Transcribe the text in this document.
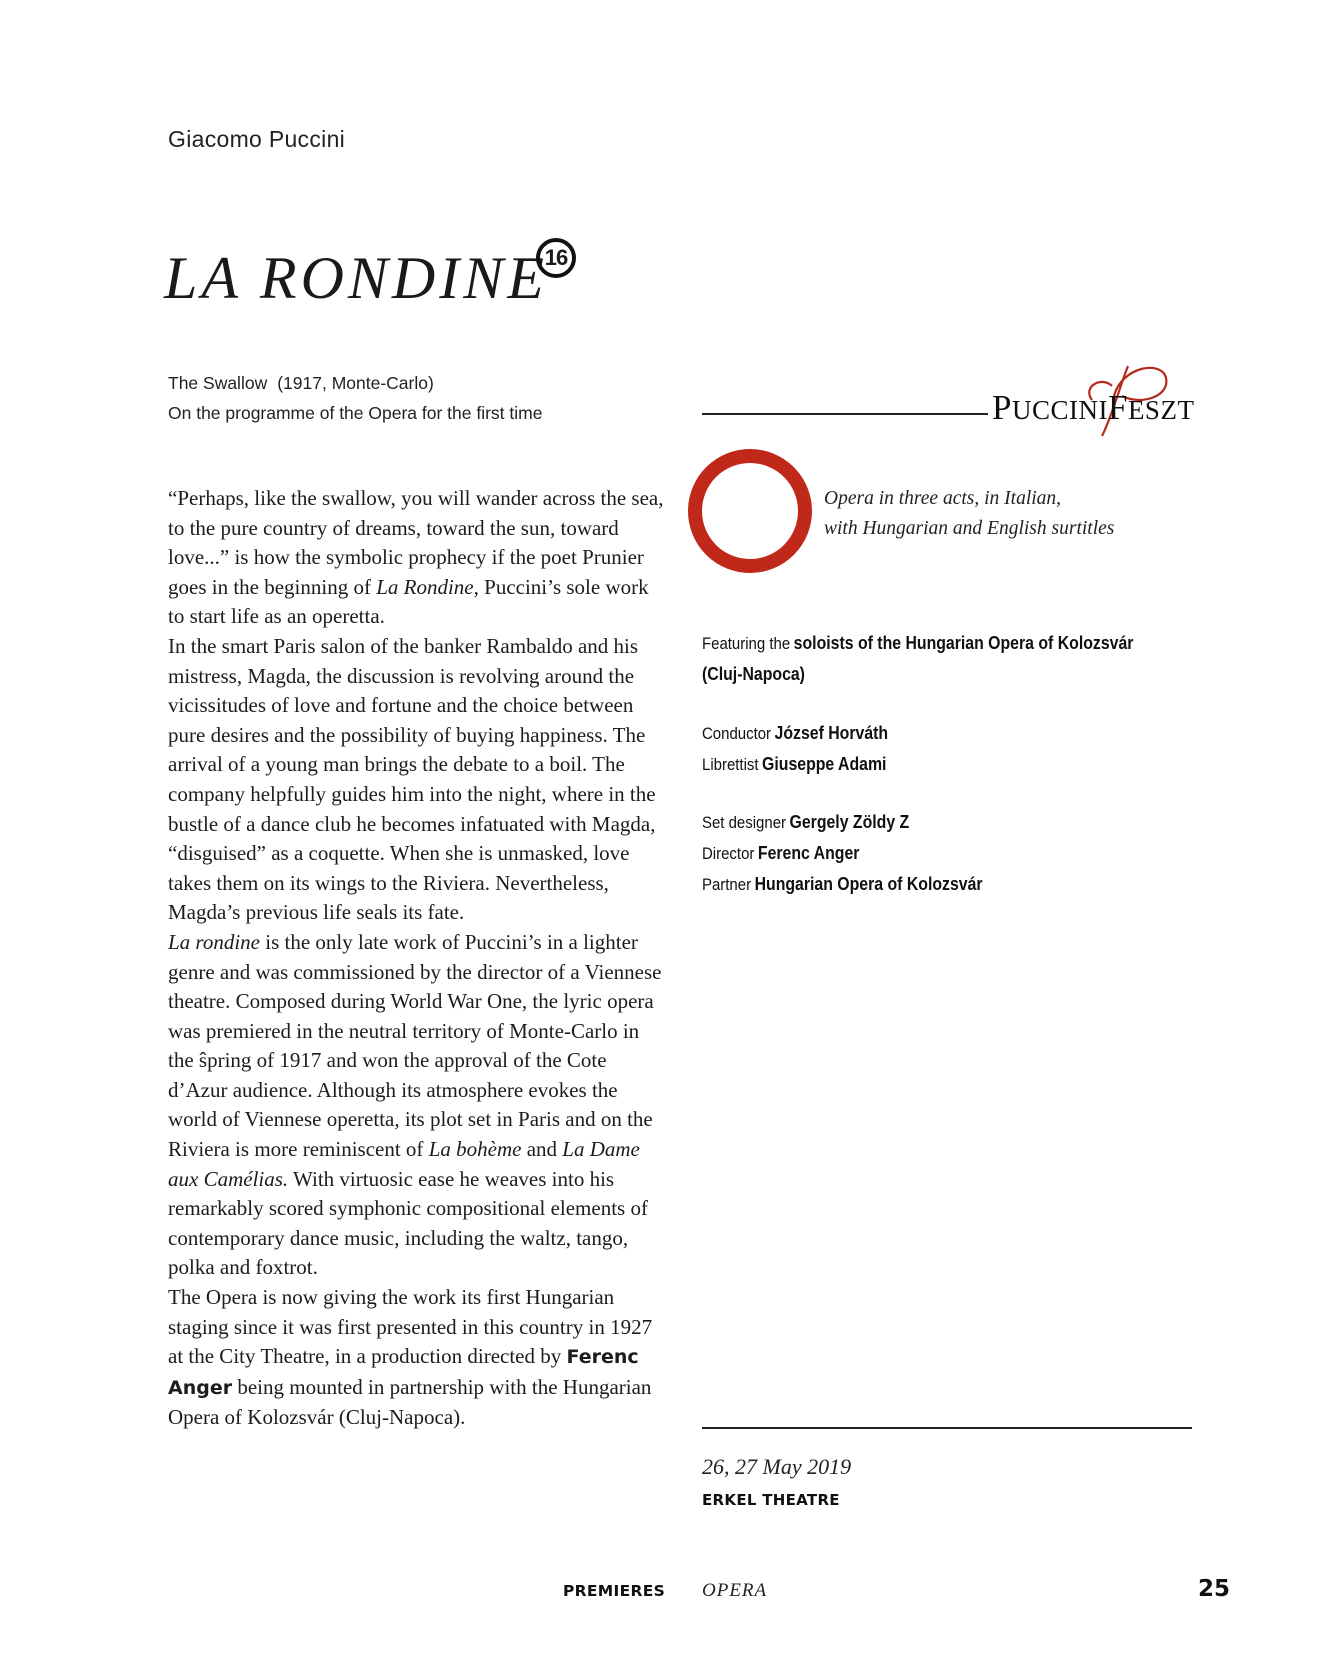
Giacomo Puccini
LA RONDINE
16
The Swallow (1917, Monte-Carlo)
On the programme of the Opera for the first time	PUCCINIFESZT

“Perhaps, like the swallow, you will wander across the sea, to the pure country of dreams, toward the sun, toward love...” is how the symbolic prophecy if the poet Prunier goes in the beginning of La Rondine, Puccini’s sole work to start life as an operetta.

In the smart Paris salon of the banker Rambaldo and his mistress, Magda, the discussion is revolving around the vicissitudes of love and fortune and the choice between pure desires and the possibility of buying happiness. The arrival of a young man brings the debate to a boil. The company helpfully guides him into the night, where in the bustle of a dance club he becomes infatuated with Magda, “disguised” as a coquette. When she is unmasked, love takes them on its wings to the Riviera. Nevertheless, Magda’s previous life seals its fate.

La rondine is the only late work of Puccini’s in a lighter genre and was commissioned by the director of a Viennese theatre. Composed during World War One, the lyric opera was premiered in the neutral territory of Monte-Carlo in the ŝpring of 1917 and won the approval of the Cote d’Azur audience. Although its atmosphere evokes the world of Viennese operetta, its plot set in Paris and on the Riviera is more reminiscent of La bohème and La Dame aux Camélias. With virtuosic ease he weaves into his remarkably scored symphonic compositional elements of contemporary dance music, including the waltz, tango, polka and foxtrot.

The Opera is now giving the work its first Hungarian staging since it was first presented in this country in 1927 at the City Theatre, in a production directed by Ferenc Anger being mounted in partnership with the Hungarian Opera of Kolozsvár (Cluj-Napoca).

Opera in three acts, in Italian,
with Hungarian and English surtitles
Featuring the soloists of the Hungarian Opera of Kolozsvár
(Cluj-Napoca)
Conductor József Horváth
Librettist Giuseppe Adami
Set designer Gergely Zöldy Z
Director Ferenc Anger
Partner Hungarian Opera of Kolozsvár
26, 27 May 2019
ERKEL THEATRE
PREMIERES OPERA	25
